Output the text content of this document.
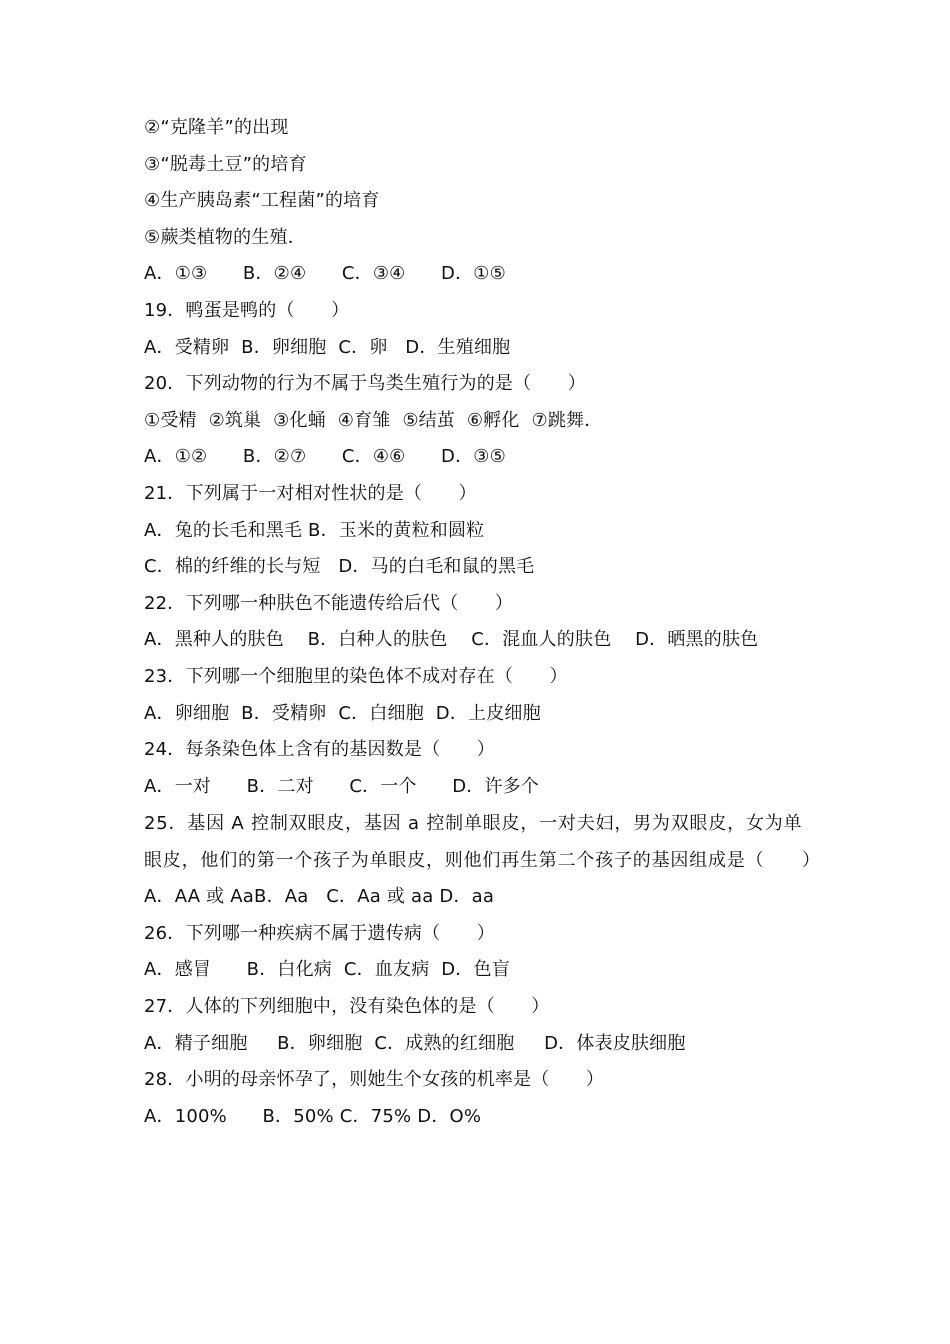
②“克隆羊”的出现

③“脱毒土豆”的培育

④生产胰岛素“工程菌”的培育

⑤蕨类植物的生殖．

A．①③      B．②④      C．③④      D．①⑤

19．鸭蛋是鸭的（　　）

A．受精卵  B．卵细胞  C．卵   D．生殖细胞

20．下列动物的行为不属于鸟类生殖行为的是（　　）

①受精  ②筑巢  ③化蛹  ④育雏  ⑤结茧  ⑥孵化  ⑦跳舞．

A．①②      B．②⑦      C．④⑥      D．③⑤

21．下列属于一对相对性状的是（　　）

A．兔的长毛和黑毛 B．玉米的黄粒和圆粒

C．棉的纤维的长与短   D．马的白毛和鼠的黑毛

22．下列哪一种肤色不能遗传给后代（　　）

A．黑种人的肤色    B．白种人的肤色    C．混血人的肤色    D．晒黑的肤色

23．下列哪一个细胞里的染色体不成对存在（　　）

A．卵细胞  B．受精卵  C．白细胞  D．上皮细胞

24．每条染色体上含有的基因数是（　　）

A．一对      B．二对      C．一个      D．许多个

25．基因 A 控制双眼皮，基因 a 控制单眼皮，一对夫妇，男为双眼皮，女为单眼皮，他们的第一个孩子为单眼皮，则他们再生第二个孩子的基因组成是（　　）

A．AA 或 AaB．Aa   C．Aa 或 aa D．aa

26．下列哪一种疾病不属于遗传病（　　）

A．感冒      B．白化病  C．血友病  D．色盲

27．人体的下列细胞中，没有染色体的是（　　）

A．精子细胞     B．卵细胞  C．成熟的红细胞     D．体表皮肤细胞

28．小明的母亲怀孕了，则她生个女孩的机率是（　　）

A．100%      B．50% C．75% D．O%
